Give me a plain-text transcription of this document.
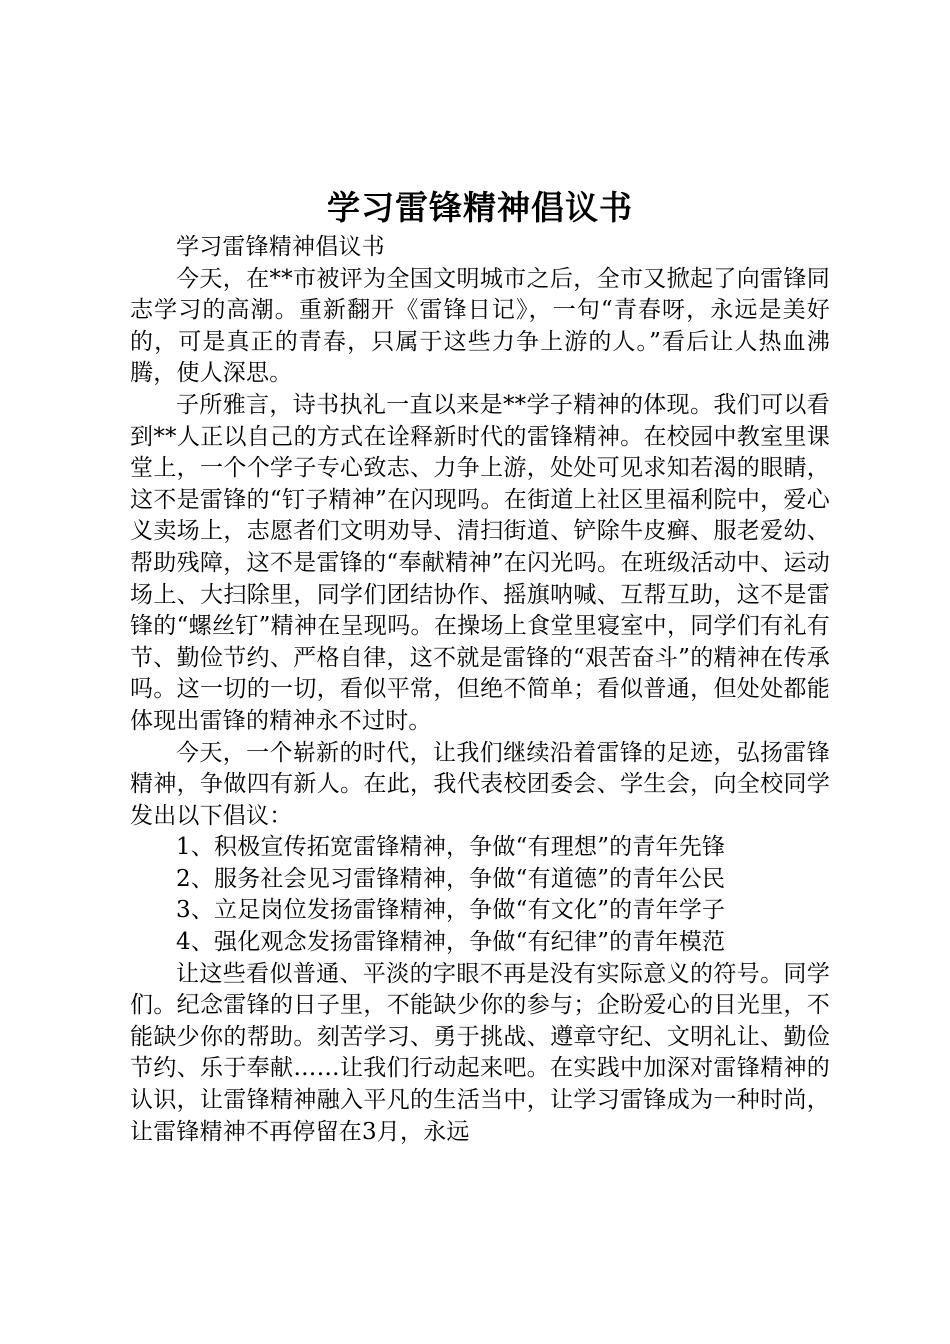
学习雷锋精神倡议书

学习雷锋精神倡议书

今天，在**市被评为全国文明城市之后，全市又掀起了向雷锋同志学习的高潮。重新翻开《雷锋日记》，一句“青春呀，永远是美好的，可是真正的青春，只属于这些力争上游的人。”看后让人热血沸腾，使人深思。

子所雅言，诗书执礼一直以来是**学子精神的体现。我们可以看到**人正以自己的方式在诠释新时代的雷锋精神。在校园中教室里课堂上，一个个学子专心致志、力争上游，处处可见求知若渴的眼睛，这不是雷锋的“钉子精神”在闪现吗。在街道上社区里福利院中，爱心义卖场上，志愿者们文明劝导、清扫街道、铲除牛皮癣、服老爱幼、帮助残障，这不是雷锋的“奉献精神”在闪光吗。在班级活动中、运动场上、大扫除里，同学们团结协作、摇旗呐喊、互帮互助，这不是雷锋的“螺丝钉”精神在呈现吗。在操场上食堂里寝室中，同学们有礼有节、勤俭节约、严格自律，这不就是雷锋的“艰苦奋斗”的精神在传承吗。这一切的一切，看似平常，但绝不简单；看似普通，但处处都能体现出雷锋的精神永不过时。

今天，一个崭新的时代，让我们继续沿着雷锋的足迹，弘扬雷锋精神，争做四有新人。在此，我代表校团委会、学生会，向全校同学发出以下倡议：

1、积极宣传拓宽雷锋精神，争做“有理想”的青年先锋

2、服务社会见习雷锋精神，争做“有道德”的青年公民

3、立足岗位发扬雷锋精神，争做“有文化”的青年学子

4、强化观念发扬雷锋精神，争做“有纪律”的青年模范

让这些看似普通、平淡的字眼不再是没有实际意义的符号。同学们。纪念雷锋的日子里，不能缺少你的参与；企盼爱心的目光里，不能缺少你的帮助。刻苦学习、勇于挑战、遵章守纪、文明礼让、勤俭节约、乐于奉献……让我们行动起来吧。在实践中加深对雷锋精神的认识，让雷锋精神融入平凡的生活当中，让学习雷锋成为一种时尚，让雷锋精神不再停留在3月，永远
